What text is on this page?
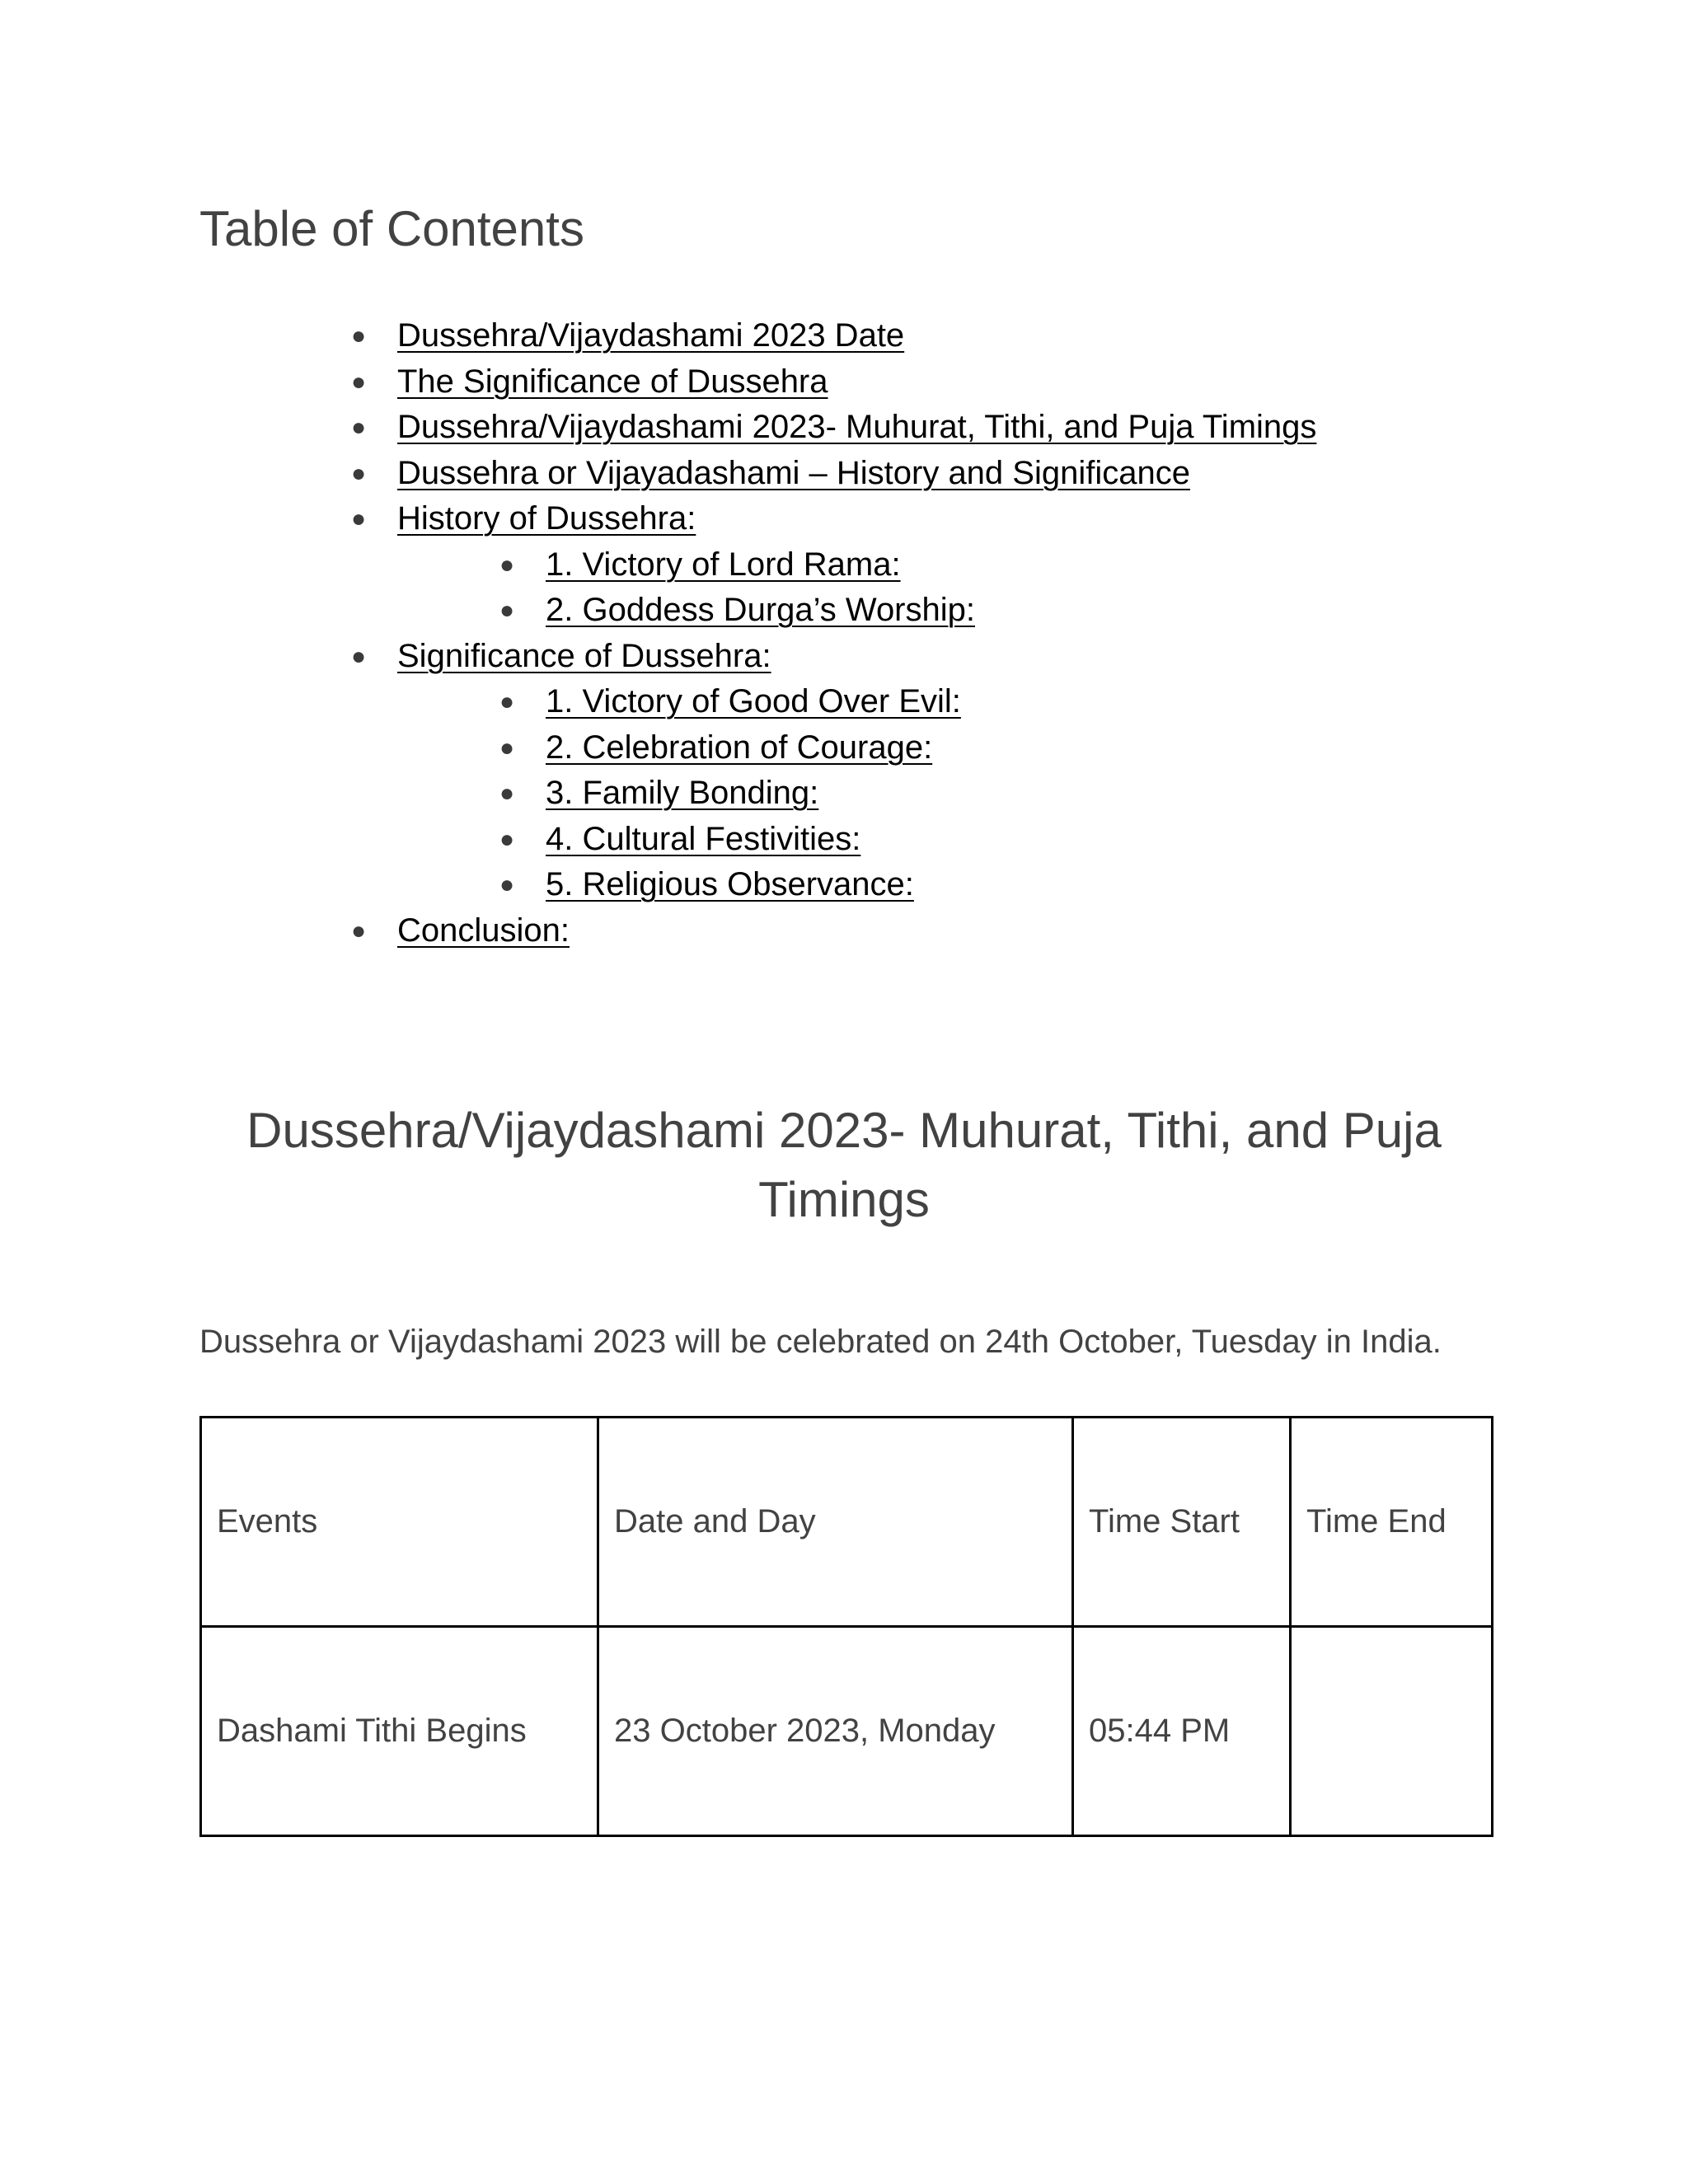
Table of Contents
● Dussehra/Vijaydashami 2023 Date
● The Significance of Dussehra
● Dussehra/Vijaydashami 2023- Muhurat, Tithi, and Puja Timings
● Dussehra or Vijayadashami – History and Significance
● History of Dussehra:
● 1. Victory of Lord Rama:
● 2. Goddess Durga’s Worship:
● Significance of Dussehra:
● 1. Victory of Good Over Evil:
● 2. Celebration of Courage:
● 3. Family Bonding:
● 4. Cultural Festivities:
● 5. Religious Observance:
● Conclusion:
Dussehra/Vijaydashami 2023- Muhurat, Tithi, and Puja
Timings

Dussehra or Vijaydashami 2023 will be celebrated on 24th October, Tuesday in India.

Events	Date and Day	Time Start	Time End
Dashami Tithi Begins	23 October 2023, Monday	05:44 PM	
